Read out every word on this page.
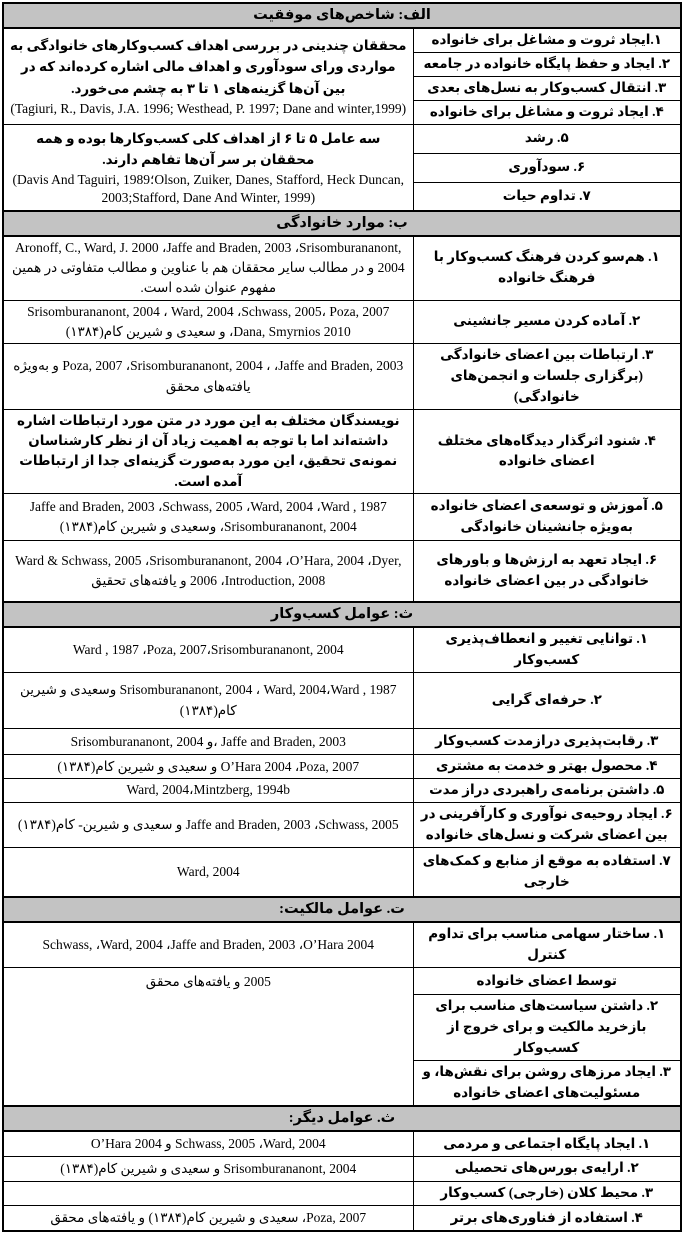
الف: شاخص‌های موفقیت	
۱.ایجاد ثروت و مشاغل برای خانواده	محققان چندینی در بررسی اهداف کسب‌وکارهای خانوادگی به مواردی ورای سودآوری و اهداف مالی اشاره کرده‌اند که در بین آن‌ها گزینه‌های ۱ تا ۳ به چشم می‌خورد.
(Tagiuri, R., Davis, J.A. 1996; Westhead, P. 1997; Dane and winter,1999)

۲. ایجاد و حفظ پایگاه خانواده در جامعه	
۳. انتقال کسب‌وکار به نسل‌های بعدی	
۴. ایجاد ثروت و مشاغل برای خانواده	
۵. رشد	سه عامل ۵ تا ۶ از اهداف کلی کسب‌وکارها بوده و همه محققان بر سر آن‌ها تفاهم دارند.
(Davis And Taguiri, 1989؛Olson, Zuiker, Danes, Stafford, Heck Duncan, 2003;Stafford, Dane And Winter, 1999)

۶. سودآوری	
۷. تداوم حیات	
ب: موارد خانوادگی	
۱. هم‌سو کردن فرهنگ کسب‌وکار با فرهنگ خانواده	Aronoff, C., Ward, J. 2000 ،Jaffe and Braden, 2003 ،Srisomburananont, 2004 و در مطالب سایر محققان هم با عناوین و مطالب متفاوتی در همین مفهوم عنوان شده است.
۲. آماده کردن مسیر جانشینی	Srisomburananont, 2004 ، Ward, 2004 ،Schwass, 2005، Poza, 2007 ،Dana, Smyrnios 2010 و سعیدی و شیرین کام(۱۳۸۴)
۳. ارتباطات بین اعضای خانوادگی (برگزاری جلسات و انجمن‌های خانوادگی)	Poza, 2007 ،Srisomburananont, 2004 ، ،Jaffe and Braden, 2003 و به‌ویژه یافته‌های محقق
۴. شنود اثرگذار دیدگاه‌های مختلف اعضای خانواده	نویسندگان مختلف به این مورد در متن مورد ارتباطات اشاره داشته‌اند اما با توجه به اهمیت زیاد آن از نظر کارشناسان نمونه‌ی تحقیق، این مورد به‌صورت گزینه‌ای جدا از ارتباطات آمده است.
۵. آموزش و توسعه‌ی اعضای خانواده به‌ویژه جانشینان خانوادگی	Jaffe and Braden, 2003 ،Schwass, 2005 ،Ward, 2004 ،Ward , 1987 ،Srisomburananont, 2004 وسعیدی و شیرین کام(۱۳۸۴)
۶. ایجاد تعهد به ارزش‌ها و باورهای خانوادگی در بین اعضای خانواده	Ward & Schwass, 2005 ،Srisomburananont, 2004 ،O’Hara, 2004 ،Dyer, 2006 ،Introduction, 2008 و یافته‌های تحقیق
ث: عوامل کسب‌وکار	
۱. توانایی تغییر و انعطاف‌پذیری کسب‌وکار	Ward , 1987 ،Poza, 2007،Srisomburananont, 2004
۲. حرفه‌ای گرایی	Srisomburananont, 2004 ، Ward, 2004،Ward , 1987 وسعیدی و شیرین کام(۱۳۸۴)
۳. رقابت‌پذیری درازمدت کسب‌وکار	Jaffe and Braden, 2003 ،و Srisomburananont, 2004
۴. محصول بهتر و خدمت به مشتری	O’Hara 2004 ،Poza, 2007 و سعیدی و شیرین کام(۱۳۸۴)
۵. داشتن برنامه‌ی راهبردی دراز مدت	Ward, 2004،Mintzberg, 1994b
۶. ایجاد روحیه‌ی نوآوری و کارآفرینی در بین اعضای شرکت و نسل‌های خانواده	Jaffe and Braden, 2003 ،Schwass, 2005 و سعیدی و شیرین- کام(۱۳۸۴)
۷. استفاده به موقع از منابع و کمک‌های خارجی	Ward, 2004
ت. عوامل مالکیت:	
۱. ساختار سهامی مناسب برای تداوم کنترل	Schwass, ،Ward, 2004 ،Jaffe and Braden, 2003 ،O’Hara 2004
توسط اعضای خانواده	2005 و یافته‌های محقق
۲. داشتن سیاست‌های مناسب برای بازخرید مالکیت و برای خروج از کسب‌وکار	
۳. ایجاد مرزهای روشن برای نقش‌ها، و مسئولیت‌های اعضای خانواده	
ث. عوامل دیگر:	
۱. ایجاد پایگاه اجتماعی و مردمی	Schwass, 2005 ،Ward, 2004 و O’Hara 2004
۲. ارایه‌ی بورس‌های تحصیلی	Srisomburananont, 2004 و سعیدی و شیرین کام(۱۳۸۴)
۳. محیط کلان (خارجی) کسب‌وکار	
۴. استفاده از فناوری‌های برتر	Poza, 2007، سعیدی و شیرین کام(۱۳۸۴) و یافته‌های محقق
